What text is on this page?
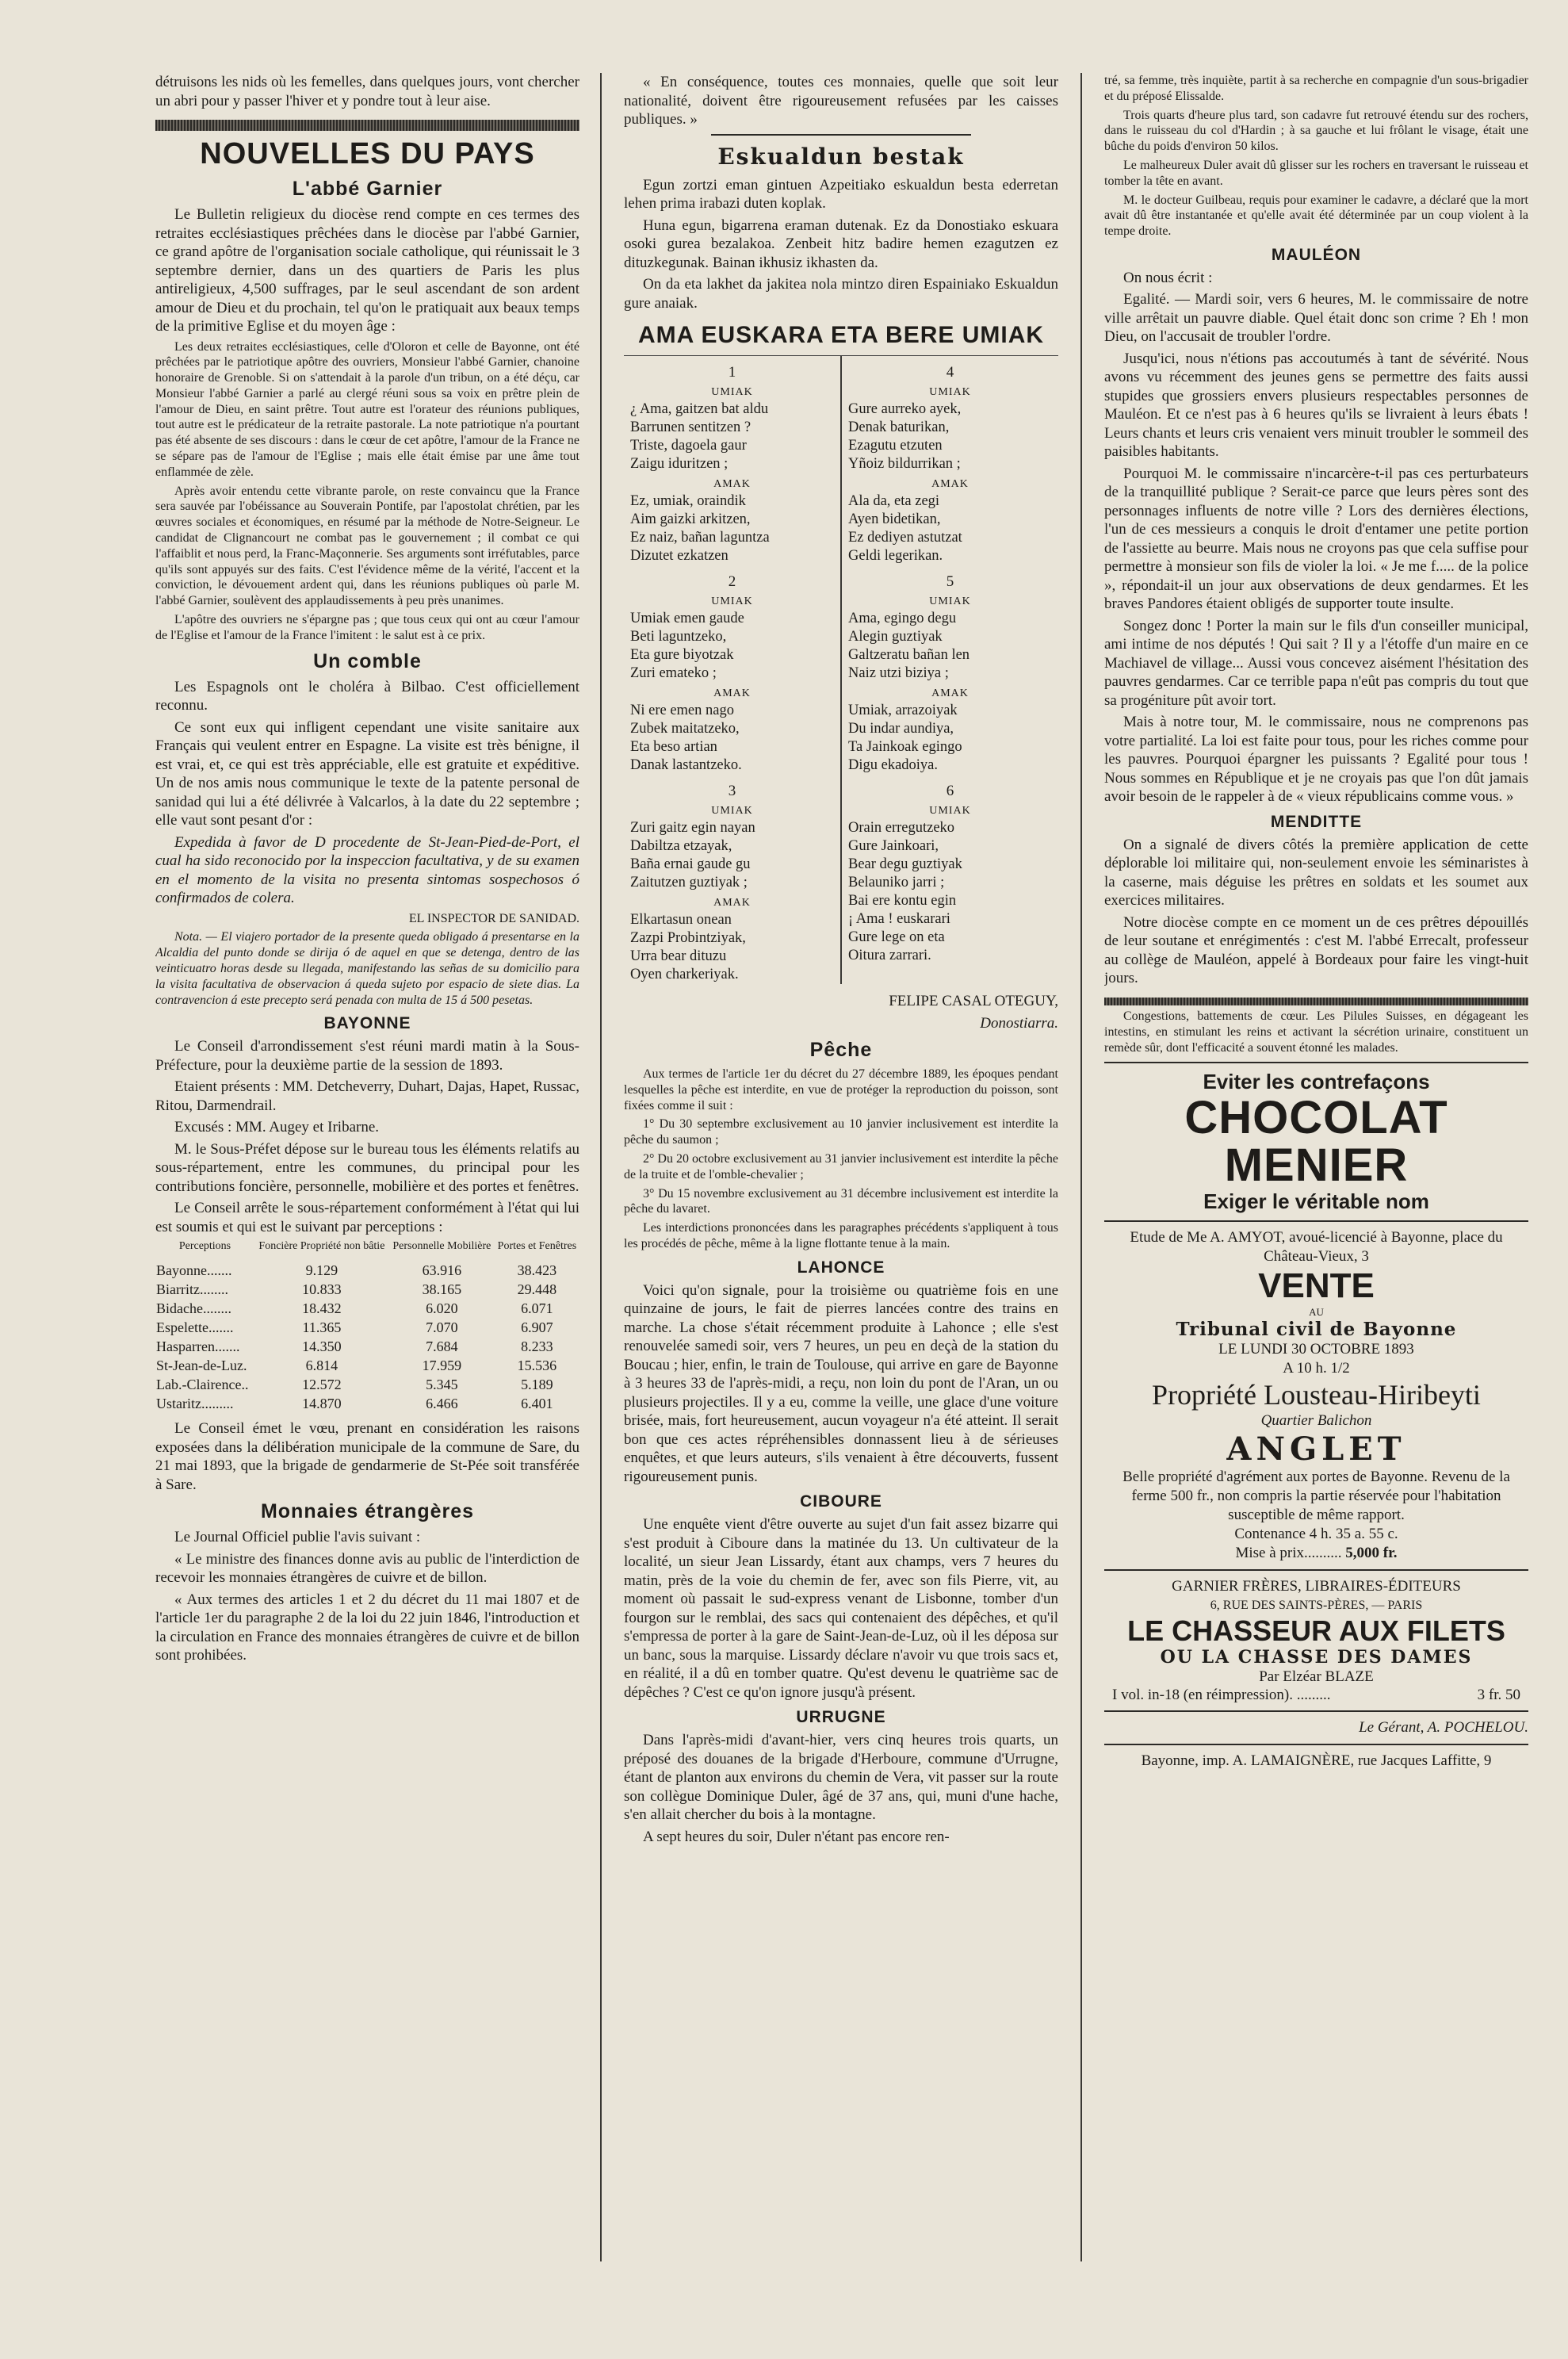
détruisons les nids où les femelles, dans quelques jours, vont chercher un abri pour y passer l'hiver et y pondre tout à leur aise.

NOUVELLES DU PAYS
L'abbé Garnier

Le Bulletin religieux du diocèse rend compte en ces termes des retraites ecclésiastiques prêchées dans le diocèse par l'abbé Garnier, ce grand apôtre de l'organisation sociale catholique, qui réunissait le 3 septembre dernier, dans un des quartiers de Paris les plus antireligieux, 4,500 suffrages, par le seul ascendant de son ardent amour de Dieu et du prochain, tel qu'on le pratiquait aux beaux temps de la primitive Eglise et du moyen âge :

Les deux retraites ecclésiastiques, celle d'Oloron et celle de Bayonne, ont été prêchées par le patriotique apôtre des ouvriers, Monsieur l'abbé Garnier, chanoine honoraire de Grenoble. Si on s'attendait à la parole d'un tribun, on a été déçu, car Monsieur l'abbé Garnier a parlé au clergé réuni sous sa voix en prêtre plein de l'amour de Dieu, en saint prêtre. Tout autre est l'orateur des réunions publiques, tout autre est le prédicateur de la retraite pastorale. La note patriotique n'a pourtant pas été absente de ses discours : dans le cœur de cet apôtre, l'amour de la France ne se sépare pas de l'amour de l'Eglise ; mais elle était émise par une âme tout enflammée de zèle.

Après avoir entendu cette vibrante parole, on reste convaincu que la France sera sauvée par l'obéissance au Souverain Pontife, par l'apostolat chrétien, par les œuvres sociales et économiques, en résumé par la méthode de Notre-Seigneur. Le candidat de Clignancourt ne combat pas le gouvernement ; il combat ce qui l'affaiblit et nous perd, la Franc-Maçonnerie. Ses arguments sont irréfutables, parce qu'ils sont appuyés sur des faits. C'est l'évidence même de la vérité, l'accent et la conviction, le dévouement ardent qui, dans les réunions publiques où parle M. l'abbé Garnier, soulèvent des applaudissements à peu près unanimes.

L'apôtre des ouvriers ne s'épargne pas ; que tous ceux qui ont au cœur l'amour de l'Eglise et l'amour de la France l'imitent : le salut est à ce prix.

Un comble

Les Espagnols ont le choléra à Bilbao. C'est officiellement reconnu.

Ce sont eux qui infligent cependant une visite sanitaire aux Français qui veulent entrer en Espagne. La visite est très bénigne, il est vrai, et, ce qui est très appréciable, elle est gratuite et expéditive. Un de nos amis nous communique le texte de la patente personal de sanidad qui lui a été délivrée à Valcarlos, à la date du 22 septembre ; elle vaut sont pesant d'or :

Expedida à favor de D procedente de St-Jean-Pied-de-Port, el cual ha sido reconocido por la inspeccion facultativa, y de su examen en el momento de la visita no presenta sintomas sospechosos ó confirmados de colera.

EL INSPECTOR DE SANIDAD.

Nota. — El viajero portador de la presente queda obligado á presentarse en la Alcaldia del punto donde se dirija ó de aquel en que se detenga, dentro de las veinticuatro horas desde su llegada, manifestando las señas de su domicilio para la visita facultativa de observacion á queda sujeto por espacio de siete dias. La contravencion á este precepto será penada con multa de 15 á 500 pesetas.

BAYONNE

Le Conseil d'arrondissement s'est réuni mardi matin à la Sous-Préfecture, pour la deuxième partie de la session de 1893.

Etaient présents : MM. Detcheverry, Duhart, Dajas, Hapet, Russac, Ritou, Darmendrail.

Excusés : MM. Augey et Iribarne.

M. le Sous-Préfet dépose sur le bureau tous les éléments relatifs au sous-répartement, entre les communes, du principal pour les contributions foncière, personnelle, mobilière et des portes et fenêtres.

Le Conseil arrête le sous-répartement conformément à l'état qui lui est soumis et qui est le suivant par perceptions :

Perceptions	Foncière Propriété non bâtie	Personnelle Mobilière	Portes et Fenêtres
Bayonne.......	9.129	63.916	38.423
Biarritz........	10.833	38.165	29.448
Bidache........	18.432	6.020	6.071
Espelette.......	11.365	7.070	6.907
Hasparren.......	14.350	7.684	8.233
St-Jean-de-Luz.	6.814	17.959	15.536
Lab.-Clairence..	12.572	5.345	5.189
Ustaritz.........	14.870	6.466	6.401

Le Conseil émet le vœu, prenant en considération les raisons exposées dans la délibération municipale de la commune de Sare, du 21 mai 1893, que la brigade de gendarmerie de St-Pée soit transférée à Sare.

Monnaies étrangères

Le Journal Officiel publie l'avis suivant :

« Le ministre des finances donne avis au public de l'interdiction de recevoir les monnaies étrangères de cuivre et de billon.

« Aux termes des articles 1 et 2 du décret du 11 mai 1807 et de l'article 1er du paragraphe 2 de la loi du 22 juin 1846, l'introduction et la circulation en France des monnaies étrangères de cuivre et de billon sont prohibées.

« En conséquence, toutes ces monnaies, quelle que soit leur nationalité, doivent être rigoureusement refusées par les caisses publiques. »

Eskualdun bestak

Egun zortzi eman gintuen Azpeitiako eskualdun besta ederretan lehen prima irabazi duten koplak.

Huna egun, bigarrena eraman dutenak. Ez da Donostiako eskuara osoki gurea bezalakoa. Zenbeit hitz badire hemen ezagutzen ez dituzkegunak. Bainan ikhusiz ikhasten da.

On da eta lakhet da jakitea nola mintzo diren Espainiako Eskualdun gure anaiak.

AMA EUSKARA ETA BERE UMIAK
1
UMIAK
¿ Ama, gaitzen bat aldu
Barrunen sentitzen ?
Triste, dagoela gaur
Zaigu iduritzen ;
AMAK
Ez, umiak, oraindik
Aim gaizki arkitzen,
Ez naiz, bañan laguntza
Dizutet ezkatzen
2
UMIAK
Umiak emen gaude
Beti laguntzeko,
Eta gure biyotzak
Zuri emateko ;
AMAK
Ni ere emen nago
Zubek maitatzeko,
Eta beso artian
Danak lastantzeko.
3
UMIAK
Zuri gaitz egin nayan
Dabiltza etzayak,
Baña ernai gaude gu
Zaitutzen guztiyak ;
AMAK
Elkartasun onean
Zazpi Probintziyak,
Urra bear dituzu
Oyen charkeriyak.
4
UMIAK
Gure aurreko ayek,
Denak baturikan,
Ezagutu etzuten
Yñoiz bildurrikan ;
AMAK
Ala da, eta zegi
Ayen bidetikan,
Ez dediyen astutzat
Geldi legerikan.
5
UMIAK
Ama, egingo degu
Alegin guztiyak
Galtzeratu bañan len
Naiz utzi biziya ;
AMAK
Umiak, arrazoiyak
Du indar aundiya,
Ta Jainkoak egingo
Digu ekadoiya.
6
UMIAK
Orain erregutzeko
Gure Jainkoari,
Bear degu guztiyak
Belauniko jarri ;
Bai ere kontu egin
¡ Ama ! euskarari
Gure lege on eta
Oitura zarrari.

FELIPE CASAL OTEGUY,

Donostiarra.

Pêche

Aux termes de l'article 1er du décret du 27 décembre 1889, les époques pendant lesquelles la pêche est interdite, en vue de protéger la reproduction du poisson, sont fixées comme il suit :

1° Du 30 septembre exclusivement au 10 janvier inclusivement est interdite la pêche du saumon ;

2° Du 20 octobre exclusivement au 31 janvier inclusivement est interdite la pêche de la truite et de l'omble-chevalier ;

3° Du 15 novembre exclusivement au 31 décembre inclusivement est interdite la pêche du lavaret.

Les interdictions prononcées dans les paragraphes précédents s'appliquent à tous les procédés de pêche, même à la ligne flottante tenue à la main.

LAHONCE

Voici qu'on signale, pour la troisième ou quatrième fois en une quinzaine de jours, le fait de pierres lancées contre des trains en marche. La chose s'était récemment produite à Lahonce ; elle s'est renouvelée samedi soir, vers 7 heures, un peu en deçà de la station du Boucau ; hier, enfin, le train de Toulouse, qui arrive en gare de Bayonne à 3 heures 33 de l'après-midi, a reçu, non loin du pont de l'Aran, un ou plusieurs projectiles. Il y a eu, comme la veille, une glace d'une voiture brisée, mais, fort heureusement, aucun voyageur n'a été atteint. Il serait bon que ces actes répréhensibles donnassent lieu à de sérieuses enquêtes, et que leurs auteurs, s'ils venaient à être découverts, fussent rigoureusement punis.

CIBOURE

Une enquête vient d'être ouverte au sujet d'un fait assez bizarre qui s'est produit à Ciboure dans la matinée du 13. Un cultivateur de la localité, un sieur Jean Lissardy, étant aux champs, vers 7 heures du matin, près de la voie du chemin de fer, avec son fils Pierre, vit, au moment où passait le sud-express venant de Lisbonne, tomber d'un fourgon sur le remblai, des sacs qui contenaient des dépêches, et qu'il s'empressa de porter à la gare de Saint-Jean-de-Luz, où il les déposa sur un banc, sous la marquise. Lissardy déclare n'avoir vu que trois sacs et, en réalité, il a dû en tomber quatre. Qu'est devenu le quatrième sac de dépêches ? C'est ce qu'on ignore jusqu'à présent.

URRUGNE

Dans l'après-midi d'avant-hier, vers cinq heures trois quarts, un préposé des douanes de la brigade d'Herboure, commune d'Urrugne, étant de planton aux environs du chemin de Vera, vit passer sur la route son collègue Dominique Duler, âgé de 37 ans, qui, muni d'une hache, s'en allait chercher du bois à la montagne.

A sept heures du soir, Duler n'étant pas encore ren-

tré, sa femme, très inquiète, partit à sa recherche en compagnie d'un sous-brigadier et du préposé Elissalde.

Trois quarts d'heure plus tard, son cadavre fut retrouvé étendu sur des rochers, dans le ruisseau du col d'Hardin ; à sa gauche et lui frôlant le visage, était une bûche du poids d'environ 50 kilos.

Le malheureux Duler avait dû glisser sur les rochers en traversant le ruisseau et tomber la tête en avant.

M. le docteur Guilbeau, requis pour examiner le cadavre, a déclaré que la mort avait dû être instantanée et qu'elle avait été déterminée par un coup violent à la tempe droite.

MAULÉON

On nous écrit :

Egalité. — Mardi soir, vers 6 heures, M. le commissaire de notre ville arrêtait un pauvre diable. Quel était donc son crime ? Eh ! mon Dieu, on l'accusait de troubler l'ordre.

Jusqu'ici, nous n'étions pas accoutumés à tant de sévérité. Nous avons vu récemment des jeunes gens se permettre des faits aussi stupides que grossiers envers plusieurs respectables personnes de Mauléon. Et ce n'est pas à 6 heures qu'ils se livraient à leurs ébats ! Leurs chants et leurs cris venaient vers minuit troubler le sommeil des paisibles habitants.

Pourquoi M. le commissaire n'incarcère-t-il pas ces perturbateurs de la tranquillité publique ? Serait-ce parce que leurs pères sont des personnages influents de notre ville ? Lors des dernières élections, l'un de ces messieurs a conquis le droit d'entamer une petite portion de l'assiette au beurre. Mais nous ne croyons pas que cela suffise pour permettre à monsieur son fils de violer la loi. « Je me f..... de la police », répondait-il un jour aux observations de deux gendarmes. Et les braves Pandores étaient obligés de supporter toute insulte.

Songez donc ! Porter la main sur le fils d'un conseiller municipal, ami intime de nos députés ! Qui sait ? Il y a l'étoffe d'un maire en ce Machiavel de village... Aussi vous concevez aisément l'hésitation des pauvres gendarmes. Car ce terrible papa n'eût pas compris du tout que sa progéniture pût avoir tort.

Mais à notre tour, M. le commissaire, nous ne comprenons pas votre partialité. La loi est faite pour tous, pour les riches comme pour les pauvres. Pourquoi épargner les puissants ? Egalité pour tous ! Nous sommes en République et je ne croyais pas que l'on dût jamais avoir besoin de le rappeler à de « vieux républicains comme vous. »

MENDITTE

On a signalé de divers côtés la première application de cette déplorable loi militaire qui, non-seulement envoie les séminaristes à la caserne, mais déguise les prêtres en soldats et les soumet aux exercices militaires.

Notre diocèse compte en ce moment un de ces prêtres dépouillés de leur soutane et enrégimentés : c'est M. l'abbé Errecalt, professeur au collège de Mauléon, appelé à Bordeaux pour faire les vingt-huit jours.

Congestions, battements de cœur. Les Pilules Suisses, en dégageant les intestins, en stimulant les reins et activant la sécrétion urinaire, constituent un remède sûr, dont l'efficacité a souvent étonné les malades.

Eviter les contrefaçons
CHOCOLAT
MENIER
Exiger le véritable nom
Etude de Me A. AMYOT, avoué-licencié à Bayonne, place du Château-Vieux, 3
VENTE
AU
Tribunal civil de Bayonne
LE LUNDI 30 OCTOBRE 1893
A 10 h. 1/2
Propriété Lousteau-Hiribeyti
Quartier Balichon
ANGLET
Belle propriété d'agrément aux portes de Bayonne. Revenu de la ferme 500 fr., non compris la partie réservée pour l'habitation susceptible de même rapport.
Contenance 4 h. 35 a. 55 c.
Mise à prix.......... 5,000 fr.
GARNIER FRÈRES, LIBRAIRES-ÉDITEURS
6, RUE DES SAINTS-PÈRES, — PARIS
LE CHASSEUR AUX FILETS
OU LA CHASSE DES DAMES
Par Elzéar BLAZE
I vol. in-18 (en réimpression). .........	3 fr. 50

Le Gérant, A. POCHELOU.

Bayonne, imp. A. LAMAIGNÈRE, rue Jacques Laffitte, 9
